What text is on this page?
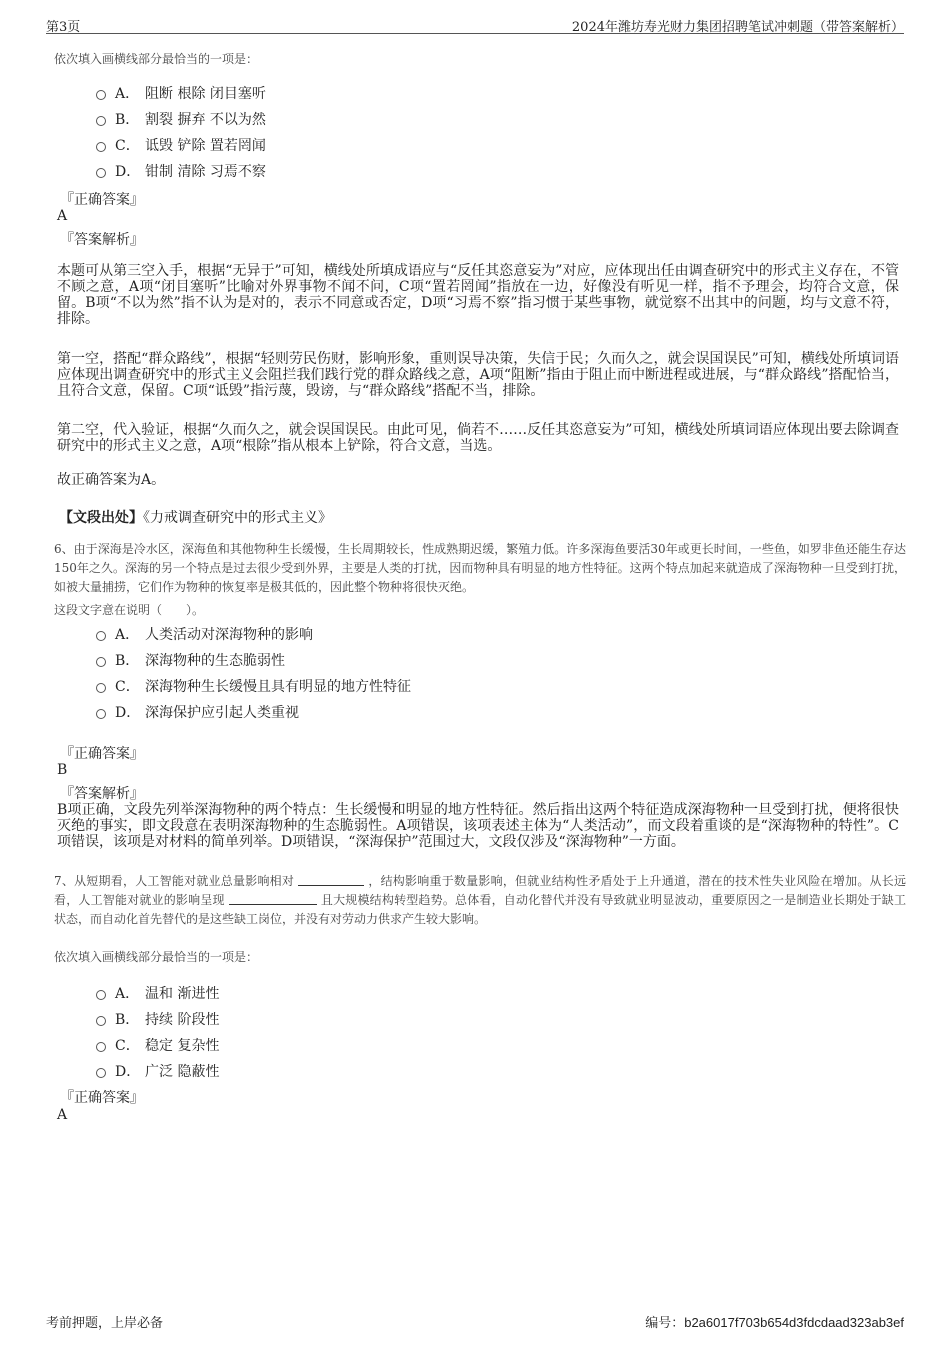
第3页	2024年潍坊寿光财力集团招聘笔试冲刺题（带答案解析）
依次填入画横线部分最恰当的一项是：
A． 阻断 根除 闭目塞听
B． 割裂 摒弃 不以为然
C． 诋毁 铲除 置若罔闻
D． 钳制 清除 习焉不察
『正确答案』
A
『答案解析』
本题可从第三空入手，根据“无异于”可知，横线处所填成语应与“反任其恣意妄为”对应，应体现出任由调查研究中的形式主义存在，不管不顾之意，A项“闭目塞听”比喻对外界事物不闻不问，C项“置若罔闻”指放在一边，好像没有听见一样，指不予理会，均符合文意，保留。B项“不以为然”指不认为是对的，表示不同意或否定，D项“习焉不察”指习惯于某些事物，就觉察不出其中的问题，均与文意不符，排除。
第一空，搭配“群众路线”，根据“轻则劳民伤财，影响形象，重则误导决策，失信于民；久而久之，就会误国误民”可知，横线处所填词语应体现出调查研究中的形式主义会阻拦我们践行党的群众路线之意，A项“阻断”指由于阻止而中断进程或进展，与“群众路线”搭配恰当，且符合文意，保留。C项“诋毁”指污蔑，毁谤，与“群众路线”搭配不当，排除。
第二空，代入验证，根据“久而久之，就会误国误民。由此可见，倘若不……反任其恣意妄为”可知，横线处所填词语应体现出要去除调查研究中的形式主义之意，A项“根除”指从根本上铲除，符合文意，当选。
故正确答案为A。
【文段出处】《力戒调查研究中的形式主义》
6、由于深海是冷水区，深海鱼和其他物种生长缓慢，生长周期较长，性成熟期迟缓，繁殖力低。许多深海鱼要活30年或更长时间，一些鱼，如罗非鱼还能生存达150年之久。深海的另一个特点是过去很少受到外界，主要是人类的打扰，因而物种具有明显的地方性特征。这两个特点加起来就造成了深海物种一旦受到打扰，如被大量捕捞，它们作为物种的恢复率是极其低的，因此整个物种将很快灭绝。
这段文字意在说明（　　）。
A． 人类活动对深海物种的影响
B． 深海物种的生态脆弱性
C． 深海物种生长缓慢且具有明显的地方性特征
D． 深海保护应引起人类重视
『正确答案』
B
『答案解析』
B项正确，文段先列举深海物种的两个特点：生长缓慢和明显的地方性特征。然后指出这两个特征造成深海物种一旦受到打扰，便将很快灭绝的事实，即文段意在表明深海物种的生态脆弱性。A项错误，该项表述主体为“人类活动”，而文段着重谈的是“深海物种的特性”。C项错误，该项是对材料的简单列举。D项错误，“深海保护”范围过大，文段仅涉及“深海物种”一方面。
7、从短期看，人工智能对就业总量影响相对	，结构影响重于数量影响，但就业结构性矛盾处于上升通道，潜在的技术性失业风险在增加。从长远看，人工智能对就业的影响呈现	且大规模结构转型趋势。总体看，自动化替代并没有导致就业明显波动，重要原因之一是制造业长期处于缺工状态，而自动化首先替代的是这些缺工岗位，并没有对劳动力供求产生较大影响。
依次填入画横线部分最恰当的一项是：
A． 温和 渐进性
B． 持续 阶段性
C． 稳定 复杂性
D． 广泛 隐蔽性
『正确答案』
A
考前押题，上岸必备	编号：b2a6017f703b654d3fdcdaad323ab3ef
